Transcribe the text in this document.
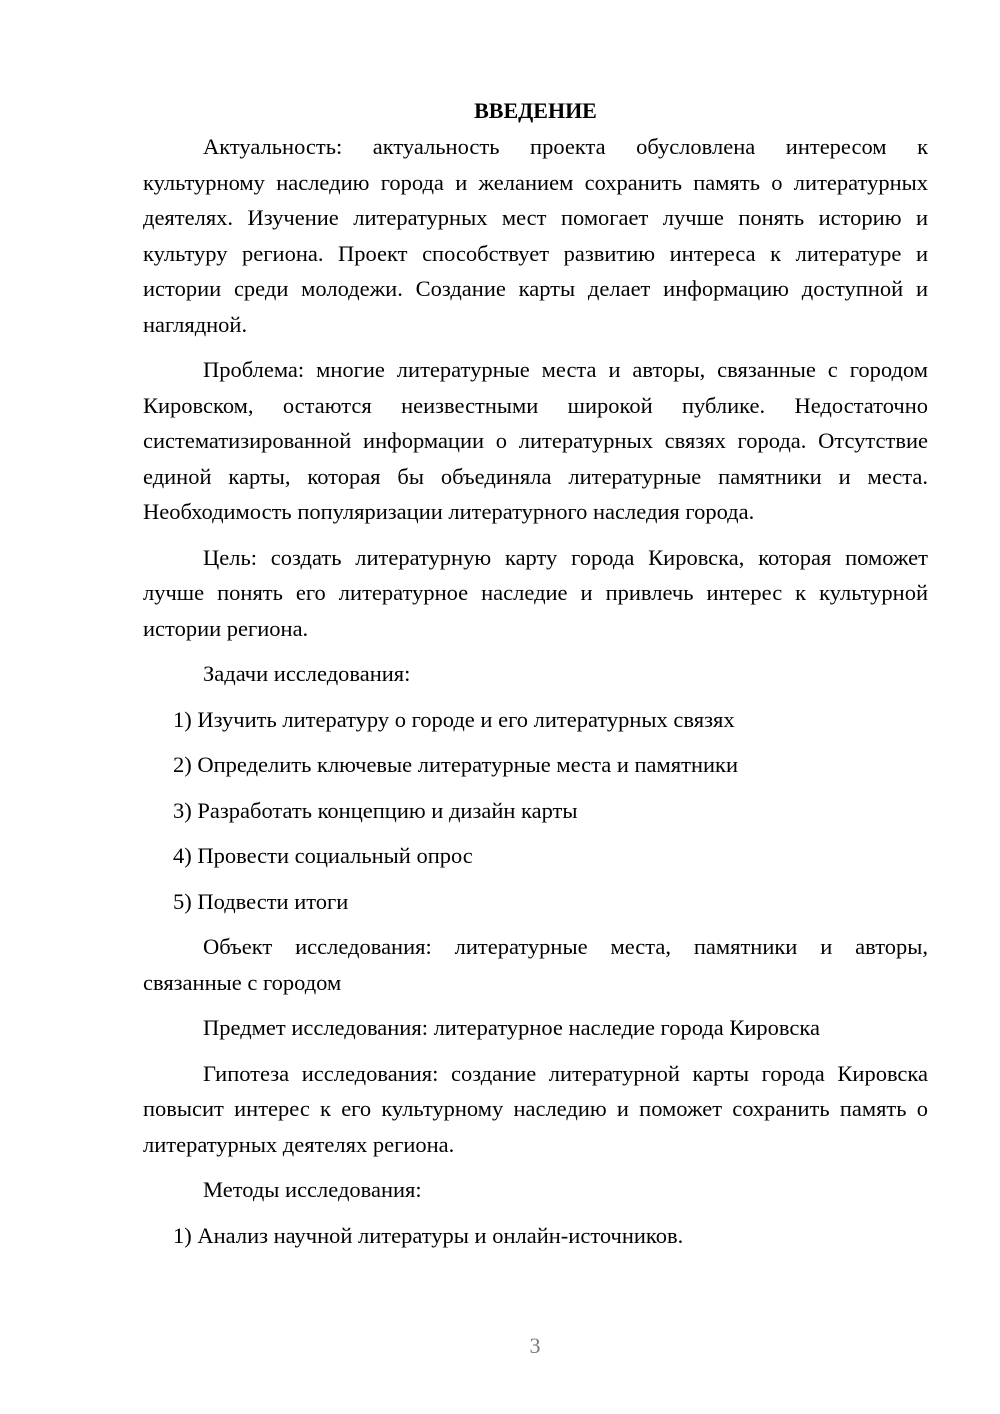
ВВЕДЕНИЕ

Актуальность: актуальность проекта обусловлена интересом к культурному наследию города и желанием сохранить память о литературных деятелях. Изучение литературных мест помогает лучше понять историю и культуру региона. Проект способствует развитию интереса к литературе и истории среди молодежи. Создание карты делает информацию доступной и наглядной.

Проблема: многие литературные места и авторы, связанные с городом Кировском, остаются неизвестными широкой публике. Недостаточно систематизированной информации о литературных связях города. Отсутствие единой карты, которая бы объединяла литературные памятники и места. Необходимость популяризации литературного наследия города.

Цель: создать литературную карту города Кировска, которая поможет лучше понять его литературное наследие и привлечь интерес к культурной истории региона.

Задачи исследования:

1) Изучить литературу о городе и его литературных связях

2) Определить ключевые литературные места и памятники

3) Разработать концепцию и дизайн карты

4) Провести социальный опрос

5) Подвести итоги

Объект исследования: литературные места, памятники и авторы, связанные с городом

Предмет исследования: литературное наследие города Кировска

Гипотеза исследования: создание литературной карты города Кировска повысит интерес к его культурному наследию и поможет сохранить память о литературных деятелях региона.

Методы исследования:

1) Анализ научной литературы и онлайн-источников.

3
